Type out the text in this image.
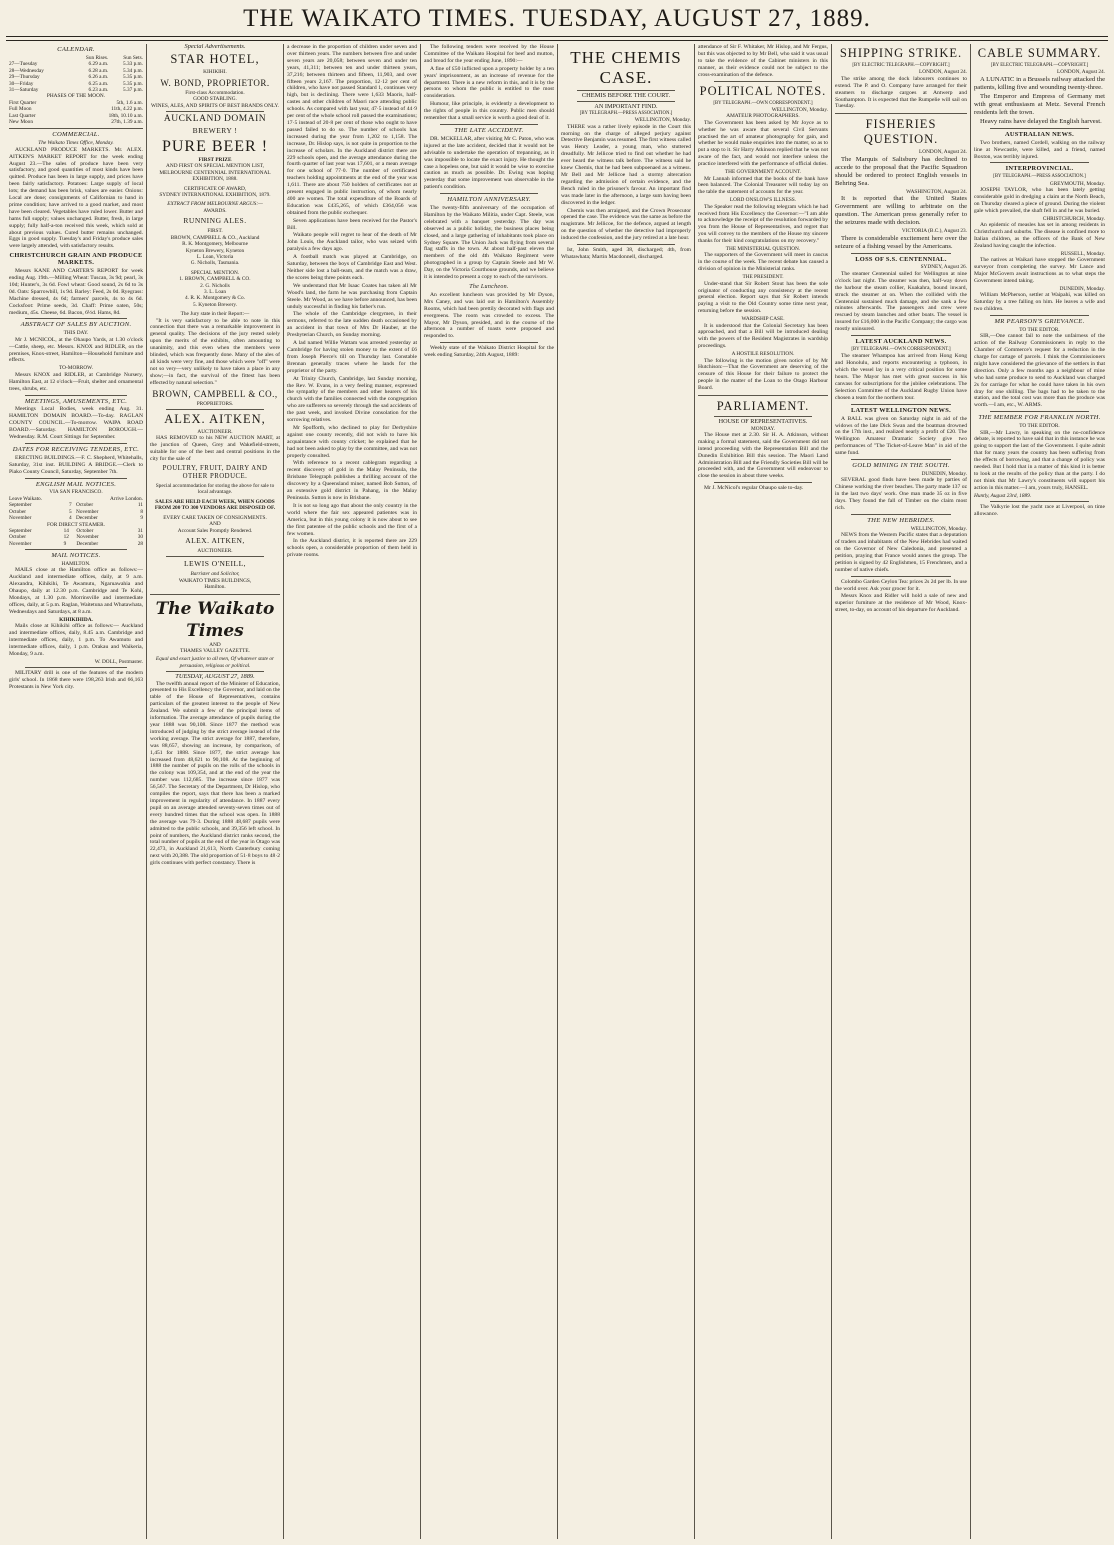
THE WAIKATO TIMES. TUESDAY, AUGUST 27, 1889.
CALENDAR.
	Sun Rises.	Sun Sets.
27—Tuesday	6.29 a.m.	5.33 p.m.
28—Wednesday	6.28 a.m.	5.34 p.m.
29—Thursday	6.26 a.m.	5.35 p.m.
30—Friday	6.25 a.m.	5.35 p.m.
31—Saturday	6.23 a.m.	5.37 p.m.
PHASES OF THE MOON.
First Quarter	5th, 1.6 a.m.
Full Moon	11th, 4.22 p.m.
Last Quarter	18th, 10.10 a.m.
New Moon	27th, 1.39 a.m.
COMMERCIAL.
The Waikato Times Office, Monday.

AUCKLAND PRODUCE MARKETS. Mr. ALEX. AITKEN'S MARKET REPORT for the week ending August 23.—The sales of produce have been very satisfactory, and good quantities of most kinds have been quitted. Produce has been in large supply, and prices have been fairly satisfactory. Potatoes: Large supply of local lots; the demand has been brisk, values are easier. Onions: Local are done; consignments of Californian to hand in prime condition; have arrived to a good market, and most have been cleared. Vegetables have ruled lower. Butter and hams full supply; values unchanged. Butter, fresh, in large supply; fully half-a-ton received this week, which sold at about previous values. Cured butter remains unchanged. Eggs in good supply. Tuesday's and Friday's produce sales were largely attended, with satisfactory results.

CHRISTCHURCH GRAIN AND PRODUCE MARKETS.

Messrs KANE AND CARTER'S REPORT for week ending Aug. 19th.—Milling Wheat: Tuscan, 3s 9d; pearl, 3s 10d; Hunter's, 3s 6d. Fowl wheat: Good sound, 2s 6d to 3s 0d. Oats: Sparrowbill, 1s 9d. Barley: Feed, 2s 0d. Ryegrass: Machine dressed, 4s 6d; farmers' parcels, 4s to 4s 6d. Cocksfoot: Prime seeds, 3d. Chaff: Prime oaten, 50s; medium, 45s. Cheese, 6d. Bacon, 6½d. Hams, 8d.

ABSTRACT OF SALES BY AUCTION.
THIS DAY.

Mr J. MCNICOL, at the Ohaupo Yards, at 1.30 o'clock—Cattle, sheep, etc. Messrs. KNOX and RIDLER, on the premises, Knox-street, Hamilton—Household furniture and effects.

TO-MORROW.

Messrs KNOX and RIDLER, at Cambridge Nursery, Hamilton East, at 12 o'clock—Fruit, shelter and ornamental trees, shrubs, etc.

MEETINGS, AMUSEMENTS, ETC.

Meetings Local Bodies, week ending Aug. 31. HAMILTON DOMAIN BOARD.—To-day. RAGLAN COUNTY COUNCIL.—To-morrow. WAIPA ROAD BOARD.—Saturday. HAMILTON BOROUGH.—Wednesday. R.M. Court Sittings for September.

DATES FOR RECEIVING TENDERS, ETC.

ERECTING BUILDINGS.—F. C. Shepherd, Whitehalls, Saturday, 31st inst. BUILDING A BRIDGE.—Clerk to Piako County Council, Saturday, September 7th.

ENGLISH MAIL NOTICES.
VIA SAN FRANCISCO.
Leave Waikato.		Arrive London.	
September	7	October	11
October	5	November	8
November	4	December	9
FOR DIRECT STEAMER.
September	14	October	31
October	12	November	30
November	9	December	28
MAIL NOTICES.
HAMILTON.

MAILS close at the Hamilton office as follows:— Auckland and intermediate offices, daily, at 9 a.m. Alexandra, Kihikihi, Te Awamutu, Ngaruawahia and Ohaupo, daily at 12.30 p.m. Cambridge and Te Kohi, Mondays, at 1.30 p.m. Morrinsville and intermediate offices, daily, at 5 p.m. Raglan, Waitetuna and Whatawhata, Wednesdays and Saturdays, at 8 a.m.

KIHIKIHIDA.

Mails close at Kihikihi office as follows:— Auckland and intermediate offices, daily, 8.45 a.m. Cambridge and intermediate offices, daily, 1 p.m. To Awamutu and intermediate offices, daily, 1 p.m. Orakau and Waikeria, Monday, 9 a.m.

W. DOLL, Postmaster.

MILITARY drill is one of the features of the modern girls' school. In 1868 there were 198,263 Irish and 66,163 Protestants in New York city.

Special Advertisements.
STAR HOTEL,
KIHIKIHI.
W. BOND, PROPRIETOR.
First-class Accommodation.
GOOD STABLING.
WINES, ALES, AND SPIRITS OF BEST BRANDS ONLY.
AUCKLAND DOMAIN
BREWERY !
PURE BEER !
FIRST PRIZE
AND FIRST ON SPECIAL MENTION LIST, MELBOURNE CENTENNIAL INTERNATIONAL EXHIBITION, 1888.
CERTIFICATE OF AWARD,
SYDNEY INTERNATIONAL EXHIBITION, 1879.
EXTRACT FROM MELBOURNE ARGUS:—
AWARDS.
RUNNING ALES.
FIRST.
BROWN, CAMPBELL & CO., Auckland
R. K. Montgomery, Melbourne
Kyneton Brewery, Kyneton
L. Loan, Victoria
G. Nicholls, Tasmania.
SPECIAL MENTION.
1. BROWN, CAMPBELL & CO.
2. G. Nicholls
3. L. Loan
4. R. K. Montgomery & Co.
5. Kyneton Brewery.
The Jury state in their Report:—

"It is very satisfactory to be able to note in this connection that there was a remarkable improvement in general quality. The decisions of the jury rested solely upon the merits of the exhibits, often amounting to unanimity, and this even when the members were blinded, which was frequently done. Many of the ales of all kinds were very fine, and those which were "off" were not so very—very unlikely to have taken a place in any show;—in fact, the survival of the fittest has been effected by natural selection."

BROWN, CAMPBELL & CO.,
PROPRIETORS.
ALEX. AITKEN,
AUCTIONEER.

HAS REMOVED to his NEW AUCTION MART, at the junction of Queen, Grey and Wakefield-streets, suitable for one of the best and central positions in the city for the sale of

POULTRY, FRUIT, DAIRY AND OTHER PRODUCE.
Special accommodation for storing the above for sale to local advantage.
SALES ARE HELD EACH WEEK, WHEN GOODS FROM 200 TO 300 VENDORS ARE DISPOSED OF.
EVERY CARE TAKEN OF CONSIGNMENTS.
AND
Account Sales Promptly Rendered.
ALEX. AITKEN,
AUCTIONEER.
LEWIS O'NEILL,
Barrister and Solicitor,
WAIKATO TIMES BUILDINGS,
Hamilton.
The Waikato Times
AND
THAMES VALLEY GAZETTE.
Equal and exact justice to all men, Of whatever state or persuasion, religious or political.
TUESDAY, AUGUST 27, 1889.

The twelfth annual report of the Minister of Education, presented to His Excellency the Governor, and laid on the table of the House of Representatives, contains particulars of the greatest interest to the people of New Zealand. We submit a few of the principal items of information. The average attendance of pupils during the year 1888 was 90,108. Since 1877 the method was introduced of judging by the strict average instead of the working average. The strict average for 1887, therefore, was 88,657, showing an increase, by comparison, of 1,451 for 1888. Since 1877, the strict average has increased from 48,621 to 90,108. At the beginning of 1888 the number of pupils on the rolls of the schools in the colony was 109,354, and at the end of the year the number was 112,685. The increase since 1877 was 56,567. The Secretary of the Department, Dr Hislop, who compiles the report, says that there has been a marked improvement in regularity of attendance. In 1887 every pupil on an average attended seventy-seven times out of every hundred times that the school was open. In 1888 the average was 79·3. During 1888 48,687 pupils were admitted to the public schools, and 39,356 left school. In point of numbers, the Auckland district ranks second, the total number of pupils at the end of the year in Otago was 22,473, in Auckland 21,613, North Canterbury coming next with 20,388. The old proportion of 51·8 boys to 48·2 girls continues with perfect constancy. There is

a decrease in the proportion of children under seven and over thirteen years. The numbers between five and under seven years are 20,058; between seven and under ten years, 41,311; between ten and under thirteen years, 37,216; between thirteen and fifteen, 11,903, and over fifteen years 2,167. The proportion, 12·12 per cent of children, who have not passed Standard 1, continues very high, but is declining. There were 1,633 Maoris, half-castes and other children of Maori race attending public schools. As compared with last year, 47·5 instead of 44·9 per cent of the whole school roll passed the examinations; 17·5 instead of 20·8 per cent of those who ought to have passed failed to do so. The number of schools has increased during the year from 1,202 to 1,158. The increase, Dr. Hislop says, is not quite in proportion to the increase of scholars. In the Auckland district there are 229 schools open, and the average attendance during the fourth quarter of last year was 17,601, or a mean average for one school of 77·0. The number of certificated teachers holding appointments at the end of the year was 1,611. There are about 750 holders of certificates not at present engaged in public instruction, of whom nearly 400 are women. The total expenditure of the Boards of Education was £435,265, of which £364,056 was obtained from the public exchequer.

Seven applications have been received for the Pastor's Bill.

Waikato people will regret to hear of the death of Mr John Louis, the Auckland tailor, who was seized with paralysis a few days ago.

A football match was played at Cambridge, on Saturday, between the boys of Cambridge East and West. Neither side lost a ball-team, and the match was a draw, the scores being three points each.

We understand that Mr Isaac Coates has taken all Mr Wood's land, the farm he was purchasing from Captain Steele. Mr Wood, as we have before announced, has been unduly successful in finding his father's run.

The whole of the Cambridge clergymen, in their sermons, referred to the late sudden death occasioned by an accident in that town of Mrs Dr Hauber, at the Presbyterian Church, on Sunday morning.

A lad named Willie Wattam was arrested yesterday at Cambridge for having stolen money to the extent of £6 from Joseph Pierce's till on Thursday last. Constable Brennan generally traces where he lands for the proprietor of the party.

At Trinity Church, Cambridge, last Sunday morning, the Rev. W. Evans, in a very feeling manner, expressed the sympathy of the members and other hearers of his church with the families connected with the congregation who are sufferers so severely through the sad accidents of the past week, and invoked Divine consolation for the sorrowing relatives.

Mr Spofforth, who declined to play for Derbyshire against one county recently, did not wish to have his acquaintance with county cricket; he explained that he had not been asked to play by the committee, and was not properly consulted.

With reference to a recent cablegram regarding a recent discovery of gold in the Malay Peninsula, the Brisbane Telegraph publishes a thrilling account of the discovery by a Queensland miner, named Bob Sutton, of an extensive gold district in Pahang, in the Malay Peninsula. Sutton is now in Brisbane.

It is not so long ago that about the only country in the world where the fair sex appeared patientes was in America, but in this young colony it is now about to see the first patentee of the public schools and the first of a few women.

In the Auckland district, it is reported there are 229 schools open, a considerable proportion of them held in private rooms.

The following tenders were received by the House Committee of the Waikato Hospital for beef and mutton, and bread for the year ending June, 1890:—

A fine of £50 inflicted upon a property holder by a ten years' imprisonment, as an increase of revenue for the department. There is a new reform in this, and it is by the persons to whom the public is entitled to the most consideration.

Humour, like principle, is evidently a development to the rights of people in this country. Public men should remember that a small service is worth a good deal of it.

THE LATE ACCIDENT.

DR. MCKELLAR, after visiting Mr C. Paton, who was injured at the late accident, decided that it would not be advisable to undertake the operation of trepanning, as it was impossible to locate the exact injury. He thought the case a hopeless one, but said it would be wise to exercise caution as much as possible. Dr. Ewing was hoping yesterday that some improvement was observable in the patient's condition.

HAMILTON ANNIVERSARY.

The twenty-fifth anniversary of the occupation of Hamilton by the Waikato Militia, under Capt. Steele, was celebrated with a banquet yesterday. The day was observed as a public holiday, the business places being closed, and a large gathering of inhabitants took place on Sydney Square. The Union Jack was flying from several flag staffs in the town. At about half-past eleven the members of the old 4th Waikato Regiment were photographed in a group by Captain Steele and Mr W. Day, on the Victoria Courthouse grounds, and we believe it is intended to present a copy to each of the survivors.

The Luncheon.

An excellent luncheon was provided by Mr Dyson, Mrs Caney, and was laid out in Hamilton's Assembly Rooms, which had been prettily decorated with flags and evergreens. The room was crowded to excess. The Mayor, Mr Dyson, presided, and in the course of the afternoon a number of toasts were proposed and responded to.

Weekly state of the Waikato District Hospital for the week ending Saturday, 24th August, 1889:

THE CHEMIS CASE.
CHEMIS BEFORE THE COURT.
AN IMPORTANT FIND.
[BY TELEGRAPH.—PRESS ASSOCIATION.]
WELLINGTON, Monday.

THERE was a rather lively episode in the Court this morning on the charge of alleged perjury against Detective Benjamin was resumed. The first witness called was Henry Leader, a young man, who stuttered dreadfully. Mr Jellicoe tried to find out whether he had ever heard the witness talk before. The witness said he knew Chemis, that he had been subpoenaed as a witness. Mr Bell and Mr Jellicoe had a stormy altercation regarding the admission of certain evidence, and the Bench ruled in the prisoner's favour. An important find was made later in the afternoon, a large sum having been discovered in the ledger.

Chemis was then arraigned, and the Crown Prosecutor opened the case. The evidence was the same as before the magistrate. Mr Jellicoe, for the defence, argued at length on the question of whether the detective had improperly induced the confession, and the jury retired at a late hour.

Ist, John Smith, aged 38, discharged; 4th, from Whatawhata; Martin Macdonnell, discharged.

attendance of Sir F. Whitaker, Mr Hislop, and Mr Fergus, but this was objected to by Mr Bell, who said it was usual to take the evidence of the Cabinet ministers in this manner, as their evidence could not be subject to the cross-examination of the defence.

POLITICAL NOTES.
[BY TELEGRAPH.—OWN CORRESPONDENT.]
WELLINGTON, Monday.
AMATEUR PHOTOGRAPHERS.

The Government has been asked by Mr Joyce as to whether he was aware that several Civil Servants practised the art of amateur photography for gain, and whether he would make enquiries into the matter, so as to put a stop to it. Sir Harry Atkinson replied that he was not aware of the fact, and would not interfere unless the practice interfered with the performance of official duties.

THE GOVERNMENT ACCOUNT.

Mr Lannah informed that the books of the bank have been balanced. The Colonial Treasurer will today lay on the table the statement of accounts for the year.

LORD ONSLOW'S ILLNESS.

The Speaker read the following telegram which he had received from His Excellency the Governor:—"I am able to acknowledge the receipt of the resolution forwarded by you from the House of Representatives, and regret that you will convey to the members of the House my sincere thanks for their kind congratulations on my recovery."

THE MINISTERIAL QUESTION.

The supporters of the Government will meet in caucus in the course of the week. The recent debate has caused a division of opinion in the Ministerial ranks.

THE PRESIDENT.

Under-stand that Sir Robert Stout has been the sole originator of conducting any consistency at the recent general election. Report says that Sir Robert intends paying a visit to the Old Country some time next year, returning before the session.

WARDSHIP CASE.

It is understood that the Colonial Secretary has been approached, and that a Bill will be introduced dealing with the powers of the Resident Magistrates in wardship proceedings.

A HOSTILE RESOLUTION.

The following is the motion given notice of by Mr Hutchison:—That the Government are deserving of the censure of this House for their failure to protect the people in the matter of the Loan to the Otago Harbour Board.

PARLIAMENT.
HOUSE OF REPRESENTATIVES.
MONDAY.

The House met at 2.30. Sir H. A. Atkinson, without making a formal statement, said the Government did not intend proceeding with the Representation Bill and the Dunedin Exhibition Bill this session. The Maori Land Administration Bill and the Friendly Societies Bill will be proceeded with, and the Government will endeavour to close the session in about three weeks.

Mr J. McNicol's regular Ohaupo sale to-day.

SHIPPING STRIKE.
[BY ELECTRIC TELEGRAPH.—COPYRIGHT.]
LONDON, August 24.

The strike among the dock labourers continues to extend. The P. and O. Company have arranged for their steamers to discharge cargoes at Antwerp and Southampton. It is expected that the Rumpelie will sail on Tuesday.

FISHERIES QUESTION.
LONDON, August 24.

The Marquis of Salisbury has declined to accede to the proposal that the Pacific Squadron should be ordered to protect English vessels in Behring Sea.

WASHINGTON, August 24.

It is reported that the United States Government are willing to arbitrate on the question. The American press generally refer to the seizures made with decision.

VICTORIA (B.C.), August 23.

There is considerable excitement here over the seizure of a fishing vessel by the Americans.

LOSS OF S.S. CENTENNIAL.
SYDNEY, August 26.

The steamer Centennial sailed for Wellington at nine o'clock last night. The steamer was then, half-way down the harbour the steam collier, Kuakahra, bound inward, struck the steamer at on. When the collided with the Centennial sustained much damage, and she sank a few minutes afterwards. The passengers and crew were rescued by steam launches and other boats. The vessel is insured for £16,000 in the Pacific Company; the cargo was mostly uninsured.

LATEST AUCKLAND NEWS.
[BY TELEGRAPH.—OWN CORRESPONDENT.]

The steamer Whampoa has arrived from Hong Kong and Honolulu, and reports encountering a typhoon, in which the vessel lay in a very critical position for some hours. The Mayor has met with great success in his canvass for subscriptions for the jubilee celebrations. The Selection Committee of the Auckland Rugby Union have chosen a team for the northern tour.

LATEST WELLINGTON NEWS.

A BALL was given on Saturday night in aid of the widows of the late Dick Swan and the boatman drowned on the 17th inst., and realized nearly a profit of £20. The Wellington Amateur Dramatic Society give two performances of "The Ticket-of-Leave Man" in aid of the same fund.

GOLD MINING IN THE SOUTH.
DUNEDIN, Monday.

SEVERAL good finds have been made by parties of Chinese working the river beaches. The party made 137 oz in the last two days' work. One man made 35 oz in five days. They found the fall of Timber on the claim most rich.

THE NEW HEBRIDES.
WELLINGTON, Monday.

NEWS from the Western Pacific states that a deputation of traders and inhabitants of the New Hebrides had waited on the Governor of New Caledonia, and presented a petition, praying that France would annex the group. The petition is signed by 42 Englishmen, 15 Frenchmen, and a number of native chiefs.

Colombo Garden Ceylon Tea: prices 2s 2d per lb. In use the world over. Ask your grocer for it.

Messrs Knox and Ridler will hold a sale of new and superior furniture at the residence of Mr Wood, Knox-street, to-day, on account of his departure for Auckland.

CABLE SUMMARY.
[BY ELECTRIC TELEGRAPH.—COPYRIGHT.]
LONDON, August 24.

A LUNATIC in a Brussels railway attacked the patients, killing five and wounding twenty-three.

The Emperor and Empress of Germany met with great enthusiasm at Metz. Several French residents left the town.

Heavy rains have delayed the English harvest.

AUSTRALIAN NEWS.

Two brothers, named Cordell, walking on the railway line at Newcastle, were killed, and a friend, named Boxton, was terribly injured.

INTERPROVINCIAL.
[BY TELEGRAPH.—PRESS ASSOCIATION.]
GREYMOUTH, Monday.

JOSEPH TAYLOR, who has been lately getting considerable gold in dredging a claim at the North Beach, on Thursday cleared a piece of ground. During the violent gale which prevailed, the shaft fell in and he was buried.

CHRISTCHURCH, Monday.

An epidemic of measles has set in among residents in Christchurch and suburbs. The disease is confined more to Italian children, as the officers of the Bank of New Zealand having caught the infection.

RUSSELL, Monday.

The natives at Waikari have stopped the Government surveyor from completing the survey. Mr Lance and Major McGovern await instructions as to what steps the Government intend taking.

DUNEDIN, Monday.

William McPherson, settler at Waipahi, was killed on Saturday by a tree falling on him. He leaves a wife and two children.

MR PEARSON'S GRIEVANCE.
TO THE EDITOR.

SIR,—One cannot fail to note the unfairness of the action of the Railway Commissioners in reply to the Chamber of Commerce's request for a reduction in the charge for cartage of parcels. I think the Commissioners might have considered the grievance of the settlers in that direction. Only a few months ago a neighbour of mine who had some produce to send to Auckland was charged 2s for carriage for what he could have taken in his own dray for one shilling. The bags had to be taken to the station, and the total cost was more than the produce was worth.—I am, etc., W. ARMS.

THE MEMBER FOR FRANKLIN NORTH.
TO THE EDITOR.

SIR,—Mr Lawry, in speaking on the no-confidence debate, is reported to have said that in this instance he was going to support the last of the Government. I quite admit that for many years the country has been suffering from the effects of borrowing, and that a change of policy was needed. But I hold that in a matter of this kind it is better to look at the results of the policy than at the party. I do not think that Mr Lawry's constituents will support his action in this matter.—I am, yours truly, HANSEL.

Huntly, August 23rd, 1889.

The Valkyrie lost the yacht race at Liverpool, on time allowance.
